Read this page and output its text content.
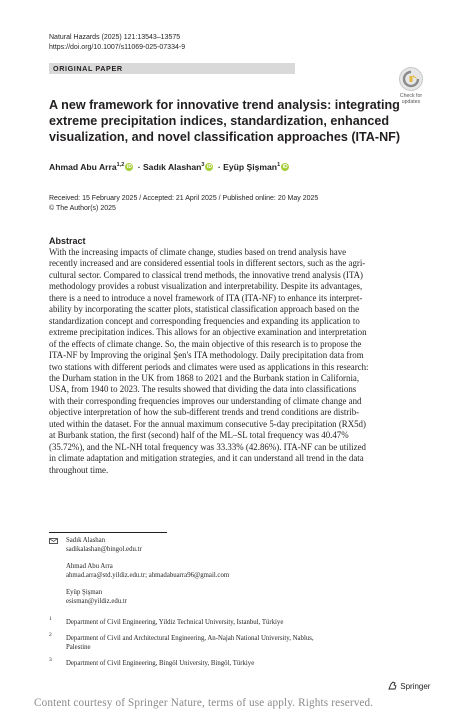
Natural Hazards (2025) 121:13543–13575
https://doi.org/10.1007/s11069-025-07334-9
ORIGINAL PAPER
Check for
updates
A new framework for innovative trend analysis: integrating extreme precipitation indices, standardization, enhanced visualization, and novel classification approaches (ITA-NF)
Ahmad Abu Arra$^{1,2}$ iD · Sadık Alashan$^3$ iD · Eyüp Şişman$^1$ iD
Received: 15 February 2025 / Accepted: 21 April 2025 / Published online: 20 May 2025
© The Author(s) 2025
Abstract
With the increasing impacts of climate change, studies based on trend analysis have
recently increased and are considered essential tools in different sectors, such as the agri-
cultural sector. Compared to classical trend methods, the innovative trend analysis (ITA)
methodology provides a robust visualization and interpretability. Despite its advantages,
there is a need to introduce a novel framework of ITA (ITA-NF) to enhance its interpret-
ability by incorporating the scatter plots, statistical classification approach based on the
standardization concept and corresponding frequencies and expanding its application to
extreme precipitation indices. This allows for an objective examination and interpretation
of the effects of climate change. So, the main objective of this research is to propose the
ITA-NF by Improving the original Şen's ITA methodology. Daily precipitation data from
two stations with different periods and climates were used as applications in this research:
the Durham station in the UK from 1868 to 2021 and the Burbank station in California,
USA, from 1940 to 2023. The results showed that dividing the data into classifications
with their corresponding frequencies improves our understanding of climate change and
objective interpretation of how the sub-different trends and trend conditions are distrib-
uted within the dataset. For the annual maximum consecutive 5-day precipitation (RX5d)
at Burbank station, the first (second) half of the ML–SL total frequency was 40.47%
(35.72%), and the NL-NH total frequency was 33.33% (42.86%). ITA-NF can be utilized
in climate adaptation and mitigation strategies, and it can understand all trend in the data
throughout time.
Sadık Alashan
sadikalashan@bingol.edu.tr
Ahmad Abu Arra
ahmad.arra@std.yildiz.edu.tr; ahmadabuarra96@gmail.com
Eyüp Şişman
esisman@yildiz.edu.tr
1 Department of Civil Engineering, Yildiz Technical University, Istanbul, Türkiye
2 Department of Civil and Architectural Engineering, An-Najah National University, Nablus,
Palestine
3 Department of Civil Engineering, Bingöl University, Bingöl, Türkiye
Springer
Content courtesy of Springer Nature, terms of use apply. Rights reserved.
